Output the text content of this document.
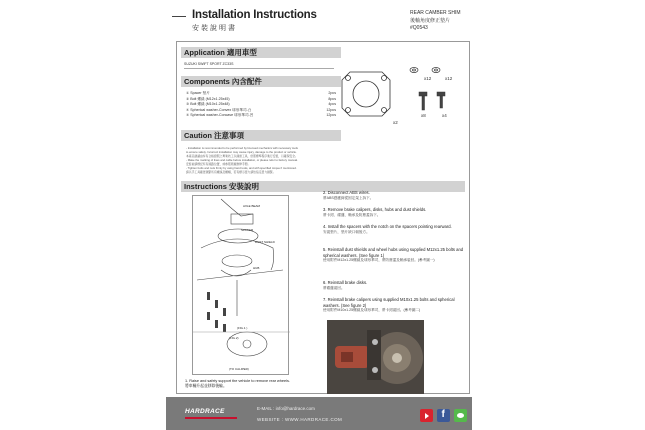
Installation Instructions
安裝說明書
REAR CAMBER SHIM
後軸角度修正墊片
#Q0543
Application 適用車型
SUZUKI SWIFT SPORT ZC33S
Components 內含配件
① Spacer 墊片	2pcs
② Bolt 螺絲 (M12x1.25x45)	8pcs
③ Bolt 螺絲 (M10x1.25x48)	4pcs
④ Spherical washer-Convex 球形華司-凸	12pcs
⑤ Spherical washer-Concave 球形華司-凹	12pcs
x2
x12	x12
x8	x4
Caution 注意事項
- Installation is recommended to be performed by licensed mechanics with necessary tools
to ensure safety. Incorrect installation may cause injury, damage to the product or vehicle.
本產品建議由持有合格證照之專業技工以適當工具，依照標準程序進行安裝，以確保安全。
- Make the marking of lines and cable before installation, or please refer to factory manual.
安裝前請標記所有線路位置，或參照原廠維修手冊。
- Tighten bolts and nuts firmly by using hand tools, and with specified torque if mentioned.
請以手工具確實鎖緊所有螺絲及螺帽，若有標示扭力請依指定扭力鎖緊。
Instructions 安裝說明
AXLE BEAM
SPACER
DUST SHIELD
HUB
(FIG.1 )
(FIG.2)
(TO CALIPER)
1. Raise and safely support the vehicle to remove rear wheels.
將車輛升起並移除後輪。
2. Disconnect ABS wires.
將ABS感應線從固定架上拆下。
3. Remove brake calipers, disks, hubs and dust shields.
將卡鉗、碟盤、軸承及防塵蓋拆下。
4. Install the spacers with the notch on the spacers pointing rearward.
安裝墊片，墊片缺口朝後方。
5. Reinstall dust shields and wheel hubs using supplied M12x1.25 bolts and spherical washers. (See figure 1)
使用附件M12x1.25螺絲及球形華司，將防塵蓋及軸承裝回。(參考圖一)
6. Reinstall brake disks.
將碟盤裝回。
7. Reinstall brake calipers using supplied M10x1.25 bolts and spherical washers. (See figure 2)
使用附件M10x1.25螺絲及球形華司，將卡鉗裝回。(參考圖二)
HARDRACE	E-MAIL : info@hardrace.com
WEBSITE : WWW.HARDRACE.COM
f
